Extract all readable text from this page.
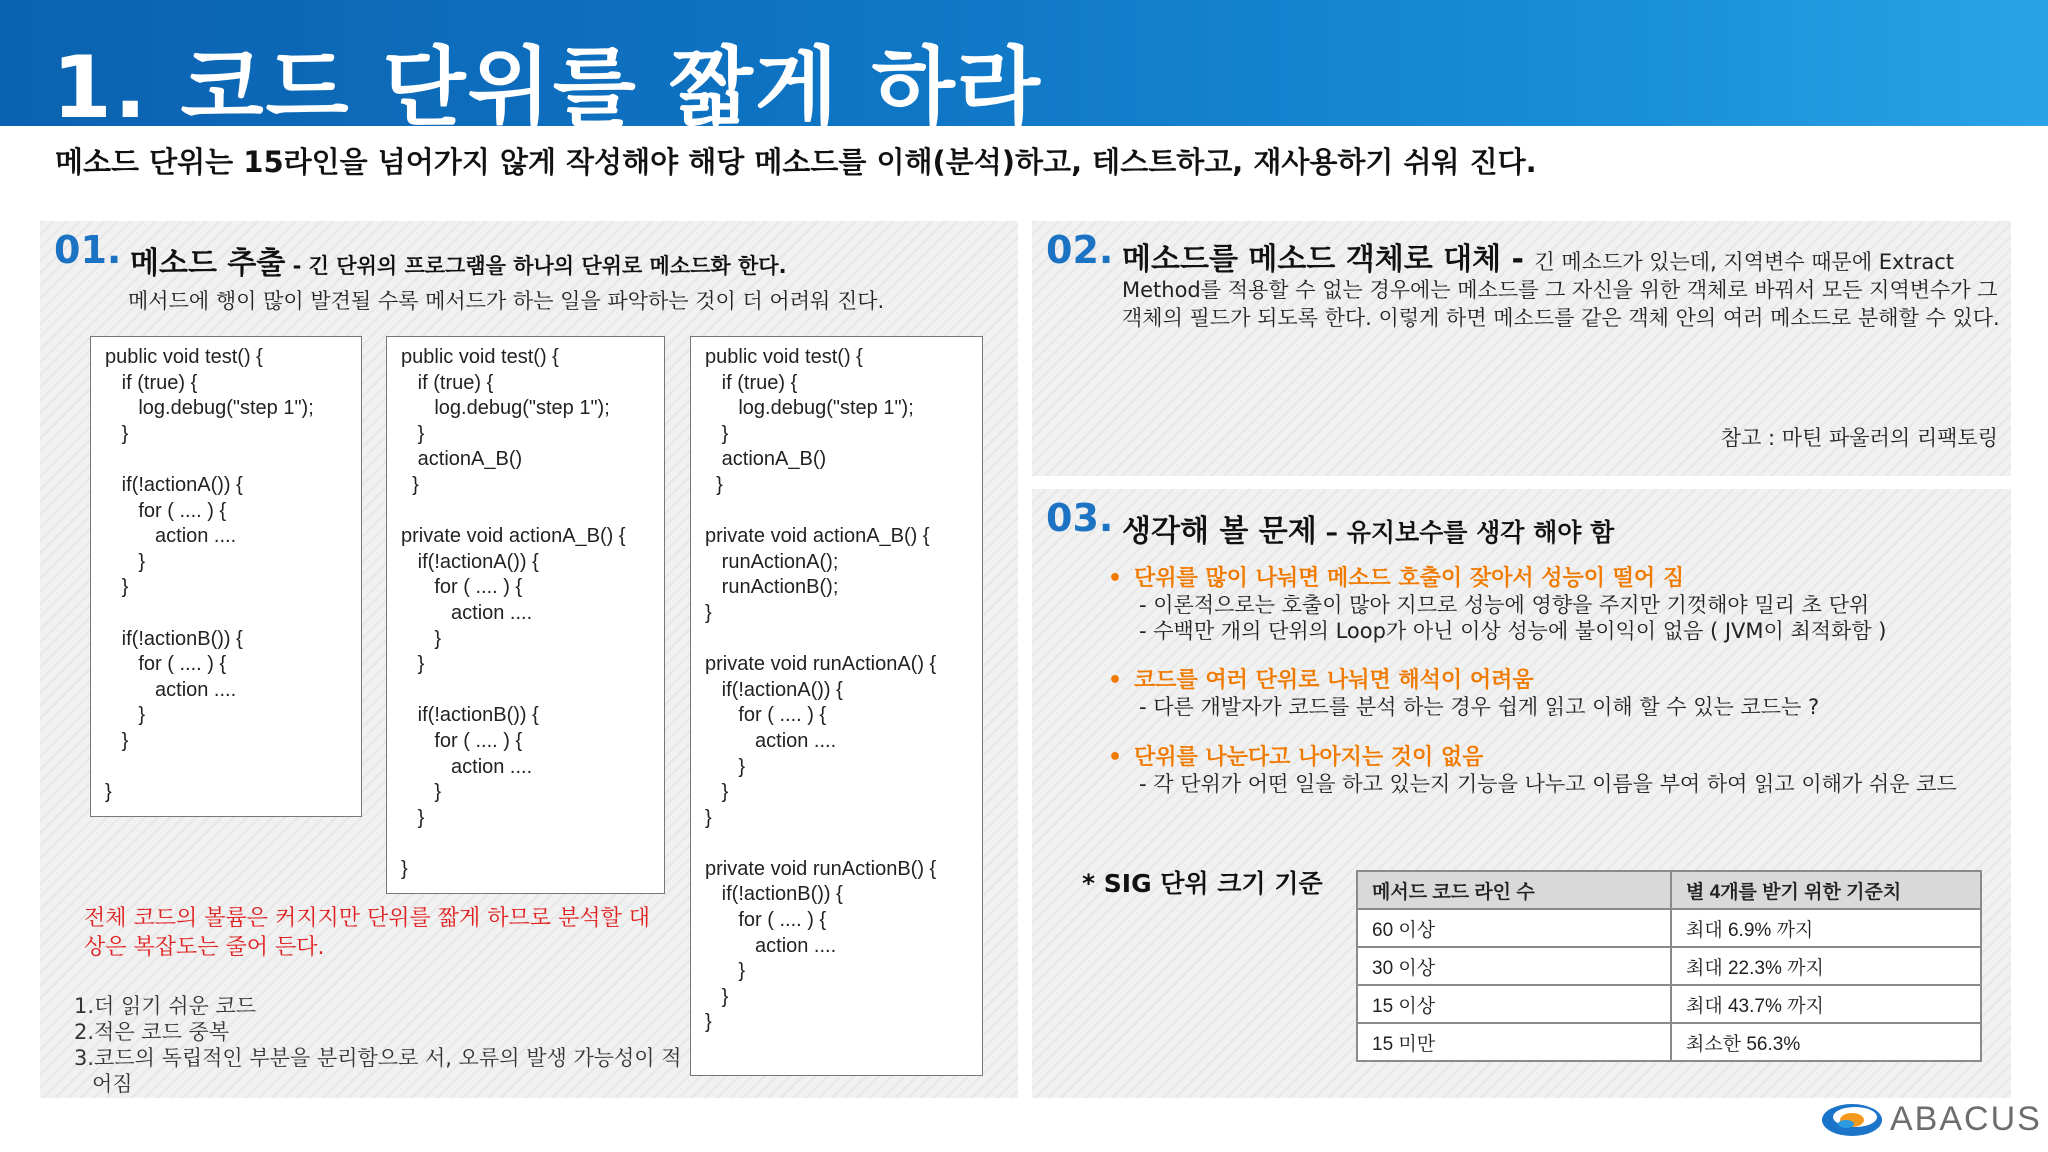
1. 코드 단위를 짧게 하라
메소드 단위는 15라인을 넘어가지 않게 작성해야 해당 메소드를 이해(분석)하고, 테스트하고, 재사용하기 쉬워 진다.
01. 메소드 추출 - 긴 단위의 프로그램을 하나의 단위로 메소드화 한다.
메서드에 행이 많이 발견될 수록 메서드가 하는 일을 파악하는 것이 더 어려워 진다.
public void test() {
if (true) {
log.debug("step 1");
}
if(!actionA()) {
for ( .... ) {
action ....
}
}
if(!actionB()) {
for ( .... ) {
action ....
}
}
}
public void test() {
if (true) {
log.debug("step 1");
}
actionA_B()
}
private void actionA_B() {
if(!actionA()) {
for ( .... ) {
action ....
}
}
if(!actionB()) {
for ( .... ) {
action ....
}
}
}
public void test() {
if (true) {
log.debug("step 1");
}
actionA_B()
}
private void actionA_B() {
runActionA();
runActionB();
}
private void runActionA() {
if(!actionA()) {
for ( .... ) {
action ....
}
}
}
private void runActionB() {
if(!actionB()) {
for ( .... ) {
action ....
}
}
}
전체 코드의 볼륨은 커지지만 단위를 짧게 하므로 분석할 대상은 복잡도는 줄어 든다.
1.더 읽기 쉬운 코드
2.적은 코드 중복
3.코드의 독립적인 부분을 분리함으로 서, 오류의 발생 가능성이 적어짐
02. 메소드를 메소드 객체로 대체 - 긴 메소드가 있는데, 지역변수 때문에 Extract Method를 적용할 수 없는 경우에는 메소드를 그 자신을 위한 객체로 바꿔서 모든 지역변수가 그 객체의 필드가 되도록 한다. 이렇게 하면 메소드를 같은 객체 안의 여러 메소드로 분해할 수 있다.
참고 : 마틴 파울러의 리팩토링
03. 생각해 볼 문제 – 유지보수를 생각 해야 함
• 단위를 많이 나눠면 메소드 호출이 잦아서 성능이 떨어 짐
- 이론적으로는 호출이 많아 지므로 성능에 영향을 주지만 기껏해야 밀리 초 단위
- 수백만 개의 단위의 Loop가 아닌 이상 성능에 불이익이 없음 ( JVM이 최적화함 )
• 코드를 여러 단위로 나눠면 해석이 어려움
- 다른 개발자가 코드를 분석 하는 경우 쉽게 읽고 이해 할 수 있는 코드는 ?
• 단위를 나눈다고 나아지는 것이 없음
- 각 단위가 어떤 일을 하고 있는지 기능을 나누고 이름을 부여 하여 읽고 이해가 쉬운 코드
* SIG 단위 크기 기준	메서드 코드 라인 수	별 4개를 받기 위한 기준치
60 이상	최대 6.9% 까지
30 이상	최대 22.3% 까지
15 이상	최대 43.7% 까지
15 미만	최소한 56.3%
ABACUS
